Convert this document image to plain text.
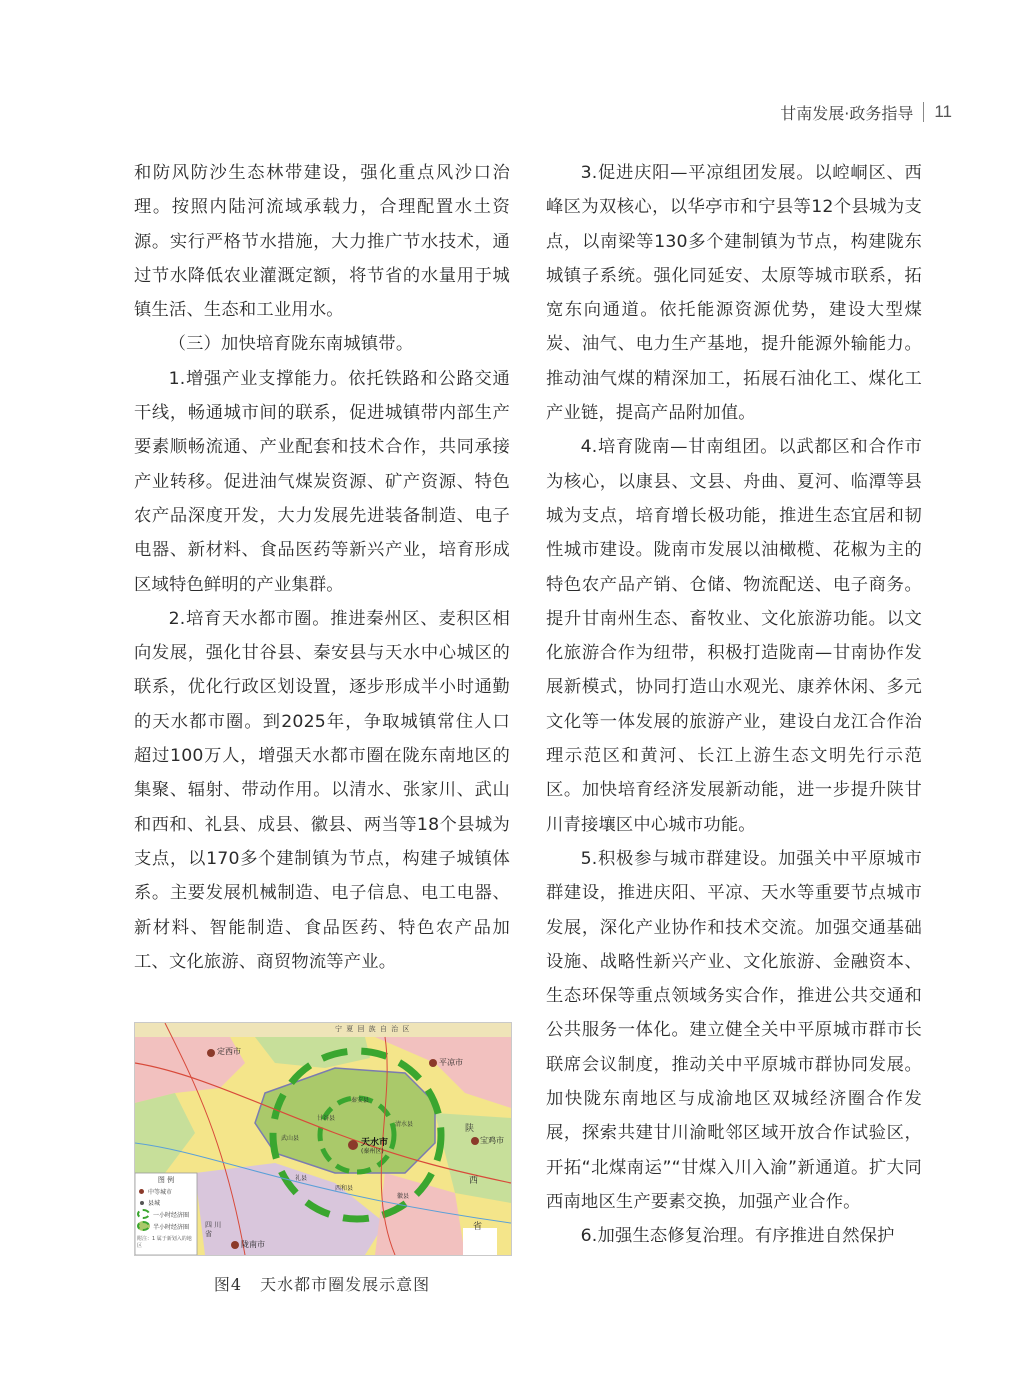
甘南发展·政务指导 11

和防风防沙生态林带建设，强化重点风沙口治理。按照内陆河流域承载力，合理配置水土资源。实行严格节水措施，大力推广节水技术，通过节水降低农业灌溉定额，将节省的水量用于城镇生活、生态和工业用水。

（三）加快培育陇东南城镇带。

1.增强产业支撑能力。依托铁路和公路交通干线，畅通城市间的联系，促进城镇带内部生产要素顺畅流通、产业配套和技术合作，共同承接产业转移。促进油气煤炭资源、矿产资源、特色农产品深度开发，大力发展先进装备制造、电子电器、新材料、食品医药等新兴产业，培育形成区域特色鲜明的产业集群。

2.培育天水都市圈。推进秦州区、麦积区相向发展，强化甘谷县、秦安县与天水中心城区的联系，优化行政区划设置，逐步形成半小时通勤的天水都市圈。到2025年，争取城镇常住人口超过100万人，增强天水都市圈在陇东南地区的集聚、辐射、带动作用。以清水、张家川、武山和西和、礼县、成县、徽县、两当等18个县城为支点，以170多个建制镇为节点，构建子城镇体系。主要发展机械制造、电子信息、电工电器、新材料、智能制造、食品医药、特色农产品加工、文化旅游、商贸物流等产业。

宁 夏 回 族 自 治 区
定西市
平凉市
天水市
(秦州区)
宝鸡市
陇南市
秦安县
甘谷县
武山县
清水县
礼县
西和县
徽县
陕
西
省
四 川 省
图 例
中等城市
县城
一小时经济圈
半小时经济圈
附注：1 属于新划入的地区
图4 天水都市圈发展示意图

3.促进庆阳—平凉组团发展。以崆峒区、西峰区为双核心，以华亭市和宁县等12个县城为支点，以南梁等130多个建制镇为节点，构建陇东城镇子系统。强化同延安、太原等城市联系，拓宽东向通道。依托能源资源优势，建设大型煤炭、油气、电力生产基地，提升能源外输能力。推动油气煤的精深加工，拓展石油化工、煤化工产业链，提高产品附加值。

4.培育陇南—甘南组团。以武都区和合作市为核心，以康县、文县、舟曲、夏河、临潭等县城为支点，培育增长极功能，推进生态宜居和韧性城市建设。陇南市发展以油橄榄、花椒为主的特色农产品产销、仓储、物流配送、电子商务。提升甘南州生态、畜牧业、文化旅游功能。以文化旅游合作为纽带，积极打造陇南—甘南协作发展新模式，协同打造山水观光、康养休闲、多元文化等一体发展的旅游产业，建设白龙江合作治理示范区和黄河、长江上游生态文明先行示范区。加快培育经济发展新动能，进一步提升陕甘川青接壤区中心城市功能。

5.积极参与城市群建设。加强关中平原城市群建设，推进庆阳、平凉、天水等重要节点城市发展，深化产业协作和技术交流。加强交通基础设施、战略性新兴产业、文化旅游、金融资本、生态环保等重点领域务实合作，推进公共交通和公共服务一体化。建立健全关中平原城市群市长联席会议制度，推动关中平原城市群协同发展。加快陇东南地区与成渝地区双城经济圈合作发展，探索共建甘川渝毗邻区域开放合作试验区，开拓“北煤南运”“甘煤入川入渝”新通道。扩大同西南地区生产要素交换，加强产业合作。

6.加强生态修复治理。有序推进自然保护
